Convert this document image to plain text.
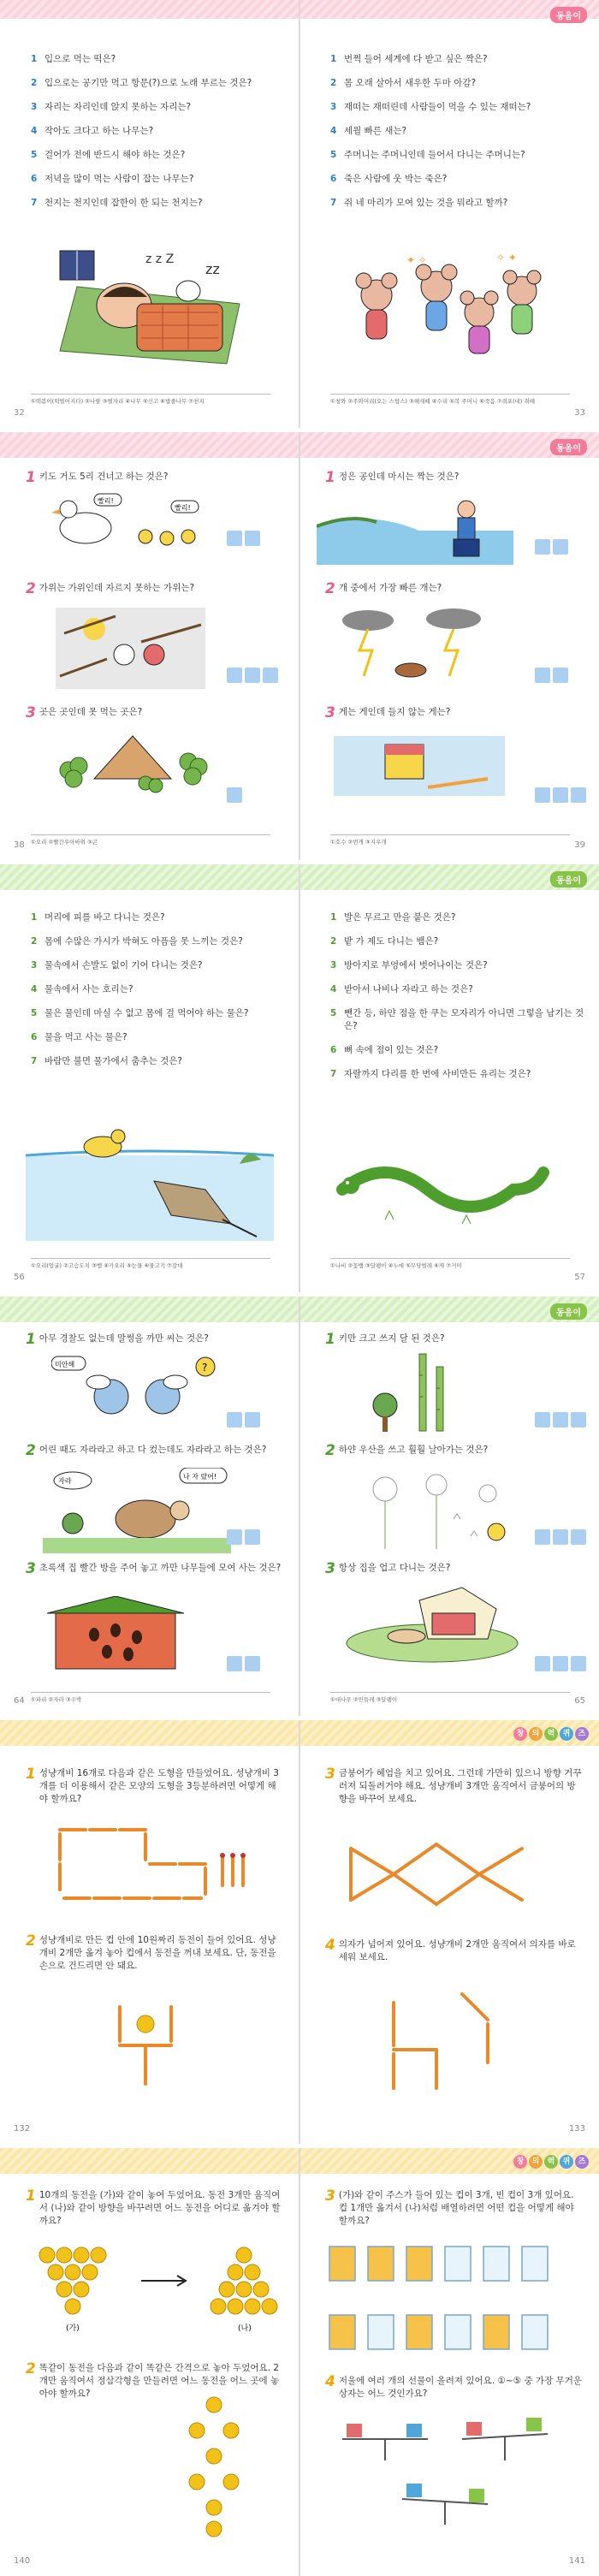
동음이
1 입으로 먹는 떡은?
2 입으로는 공기만 먹고 항문(?)으로 노래 부르는 것은?
3 자리는 자리인데 앉지 못하는 자리는?
4 작아도 크다고 하는 나무는?
5 걸어가 전에 반드시 해야 하는 것은?
6 저녁을 많이 먹는 사람이 잡는 나무는?
7 천지는 천지인데 잡한이 한 되는 천지는?
z z Z
zz
①떡볶이(떡벌어지다) ②나팔 ③별자리 ④나무 ⑤신고 ⑥밥줄나무 ⑦천지
32
1 번쩍 들어 세계에 다 받고 싶은 짝은?
2 몸 오래 살아서 새우한 두마 아감?
3 재떠는 재떠린데 사람들이 먹을 수 있는 재떠는?
4 세월 빠른 새는?
5 주머니는 주머니인데 들어서 다니는 주머니는?
6 죽은 사람에 웃 박는 죽은?
7 쥐 네 마리가 모여 있는 것을 뭐라고 할까?
✦ ✧	✧ ✦
①청와 ②주와머리(오는 스탑스) ③해새떼 ④수리 ⑤복 주머니 ⑥죽음 ⑦쥐포(네) 쥐떼
33
동음이
1 키도 거도 5리 건너고 하는 것은?
빨리!
빨리!
2 가위는 가위인데 자르지 못하는 가위는?
3 곳은 곳인데 못 먹는 곳은?
①오리 ②빨간우아바위 ③곤
38
1 정은 공인데 마시는 짝는 것은?
2 개 중에서 가장 빠른 개는?
3 게는 게인데 들지 않는 게는?
①호수 ②번개 ③지우개	39
동음이
1 머리에 피를 바고 다니는 것은?
2 몸에 수많은 가시가 박혀도 아픔을 못 느끼는 것은?
3 물속에서 손발도 없이 기어 다니는 것은?
4 물속에서 사는 호리는?
5 물은 물인데 마실 수 없고 몸에 걸 먹어야 하는 물은?
6 물을 먹고 사는 물은?
7 바람만 불면 물가에서 춤추는 것은?
①오리(얼굴) ②고슴도치 ③뱀 ④가오리 ⑤눈물 ⑥물고기 ⑦갈대
56
1 발은 무르고 만을 붙은 것은?
2 밭 가 제도 다니는 뱀은?
3 방아지로 부엉에서 벗어나이는 것은?
4 받아서 나비나 자라고 하는 것은?
5 뺀간 등, 하얀 점을 한 쿠는 모자리가 아니면 그렇을 남기는 것은?
6 뼈 속에 점이 있는 것은?
7 자랄까지 다리를 한 번에 사비만든 유리는 것은?
①나비 ②꽃뱀 ③달팽이 ④누에 ⑤무당벌레 ⑥게 ⑦거미
57
동음이
1 아무 경찰도 없는데 말썽을 까만 씨는 것은?
미안해	?
2 어린 때도 자라라고 하고 다 컸는데도 자라라고 하는 것은?
자라
나 자 랐어!
3 초록색 집 빨간 방을 주어 놓고 까만 나무들에 모여 사는 것은?
①파리 ②자라 ③수박
64
1 키만 크고 쓰지 달 된 것은?
2 하얀 우산을 쓰고 훨훨 날아가는 것은?
3 항상 집을 업고 다니는 것은?
①대나무 ②민들레 ③달팽이	65
창	의	력	퀴	즈
1 성냥개비 16개로 다음과 같은 도형을 만들었어요. 성냥개비 3개를 더 이용해서 같은 모양의 도형을 3등분하려면 어떻게 해야 할까요?
2 성냥개비로 만든 컵 안에 10원짜리 동전이 들어 있어요. 성냥개비 2개만 옮겨 놓아 컵에서 동전을 꺼내 보세요. 단, 동전을 손으로 건드리면 안 돼요.
132
3 금붕어가 헤엄을 치고 있어요. 그런데 가만히 있으니 방향 거꾸러져 되돌려거야 해요. 성냥개비 3개만 움직여서 금붕어의 방향을 바꾸어 보세요.
4 의자가 넘어져 있어요. 성냥개비 2개만 움직여서 의자를 바로 세워 보세요.
133
창	의	력	퀴	즈
1 10개의 동전을 (가)와 같이 놓여 두었어요. 동전 3개만 움직여서 (나)와 같이 방향을 바꾸려면 어느 동전을 어디로 옮겨야 할까요?
(가)	(나)
2 똑같이 동전을 다음과 같이 똑같은 간격으로 놓아 두었어요. 2개만 움직여서 정삼각형을 만들려면 어느 동전을 어느 곳에 놓아야 할까요?
140
3 (가)와 같이 주스가 들어 있는 컵이 3개, 빈 컵이 3개 있어요. 컵 1개만 옮겨서 (나)처럼 배열하려면 어떤 컵을 어떻게 해야 할까요?
4 저울에 여러 개의 선물이 올려져 있어요. ①~⑤ 중 가장 무거운 상자는 어느 것인가요?
141
